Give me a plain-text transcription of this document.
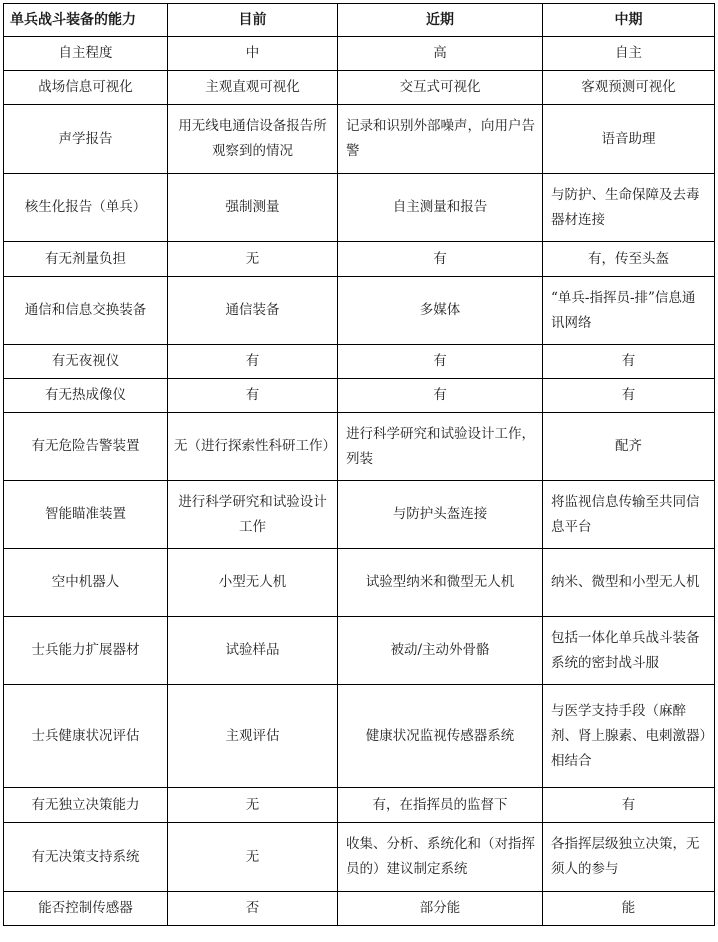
单兵战斗装备的能力	目前	近期	中期
自主程度	中	高	自主
战场信息可视化	主观直观可视化	交互式可视化	客观预测可视化
声学报告	用无线电通信设备报告所观察到的情况	记录和识别外部噪声，向用户告警	语音助理
核生化报告（单兵）	强制测量	自主测量和报告	与防护、生命保障及去毒器材连接
有无剂量负担	无	有	有，传至头盔
通信和信息交换装备	通信装备	多媒体	“单兵-指挥员-排”信息通讯网络
有无夜视仪	有	有	有
有无热成像仪	有	有	有
有无危险告警装置	无（进行探索性科研工作）	进行科学研究和试验设计工作，列装	配齐
智能瞄准装置	进行科学研究和试验设计工作	与防护头盔连接	将监视信息传输至共同信息平台
空中机器人	小型无人机	试验型纳米和微型无人机	纳米、微型和小型无人机
士兵能力扩展器材	试验样品	被动/主动外骨骼	包括一体化单兵战斗装备系统的密封战斗服
士兵健康状况评估	主观评估	健康状况监视传感器系统	与医学支持手段（麻醉剂、肾上腺素、电刺激器）相结合
有无独立决策能力	无	有，在指挥员的监督下	有
有无决策支持系统	无	收集、分析、系统化和（对指挥员的）建议制定系统	各指挥层级独立决策，无须人的参与
能否控制传感器	否	部分能	能
